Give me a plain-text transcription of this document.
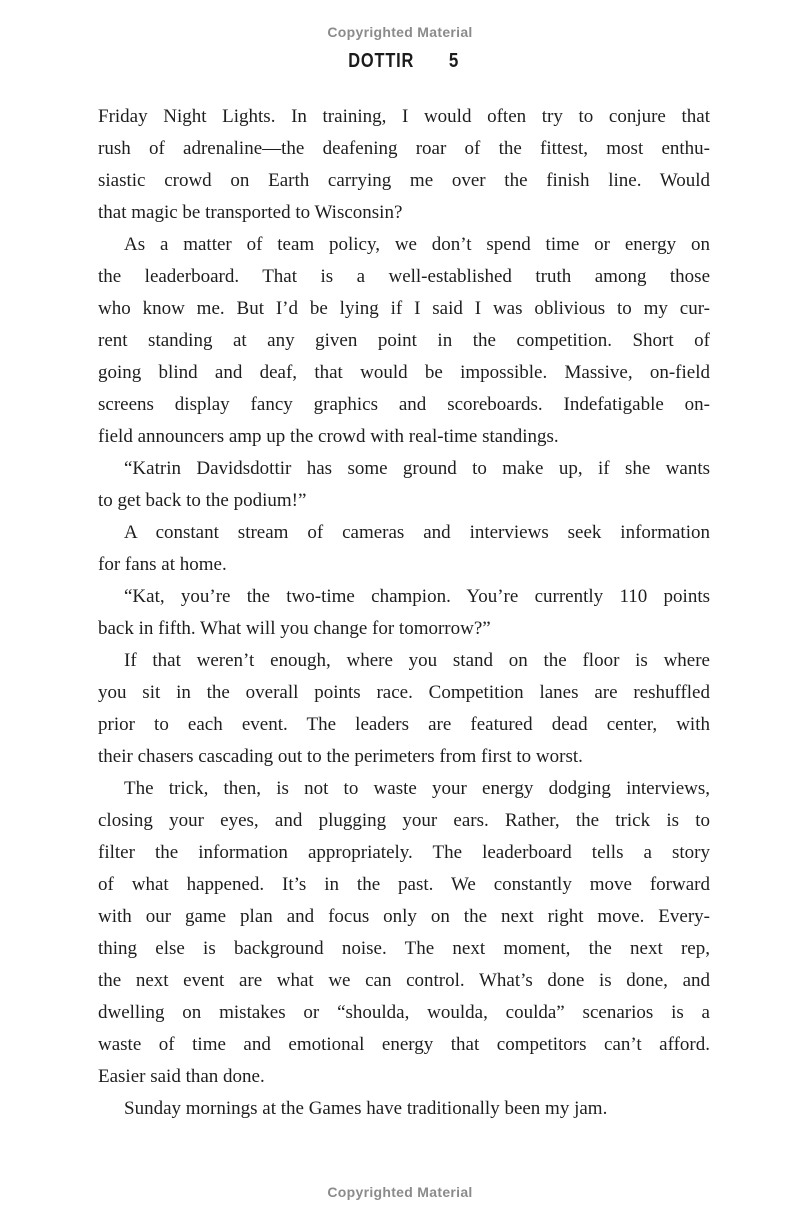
Copyrighted Material
DOTTIR 5

Friday Night Lights. In training, I would often try to conjure that
rush of adrenaline—the deafening roar of the fittest, most enthu-
siastic crowd on Earth carrying me over the finish line. Would
that magic be transported to Wisconsin?

As a matter of team policy, we don’t spend time or energy on
the leaderboard. That is a well-established truth among those
who know me. But I’d be lying if I said I was oblivious to my cur-
rent standing at any given point in the competition. Short of
going blind and deaf, that would be impossible. Massive, on-field
screens display fancy graphics and scoreboards. Indefatigable on-
field announcers amp up the crowd with real-time standings.

“Katrin Davidsdottir has some ground to make up, if she wants
to get back to the podium!”

A constant stream of cameras and interviews seek information
for fans at home.

“Kat, you’re the two-time champion. You’re currently 110 points
back in fifth. What will you change for tomorrow?”

If that weren’t enough, where you stand on the floor is where
you sit in the overall points race. Competition lanes are reshuffled
prior to each event. The leaders are featured dead center, with
their chasers cascading out to the perimeters from first to worst.

The trick, then, is not to waste your energy dodging interviews,
closing your eyes, and plugging your ears. Rather, the trick is to
filter the information appropriately. The leaderboard tells a story
of what happened. It’s in the past. We constantly move forward
with our game plan and focus only on the next right move. Every-
thing else is background noise. The next moment, the next rep,
the next event are what we can control. What’s done is done, and
dwelling on mistakes or “shoulda, woulda, coulda” scenarios is a
waste of time and emotional energy that competitors can’t afford.
Easier said than done.

Sunday mornings at the Games have traditionally been my jam.

Copyrighted Material
